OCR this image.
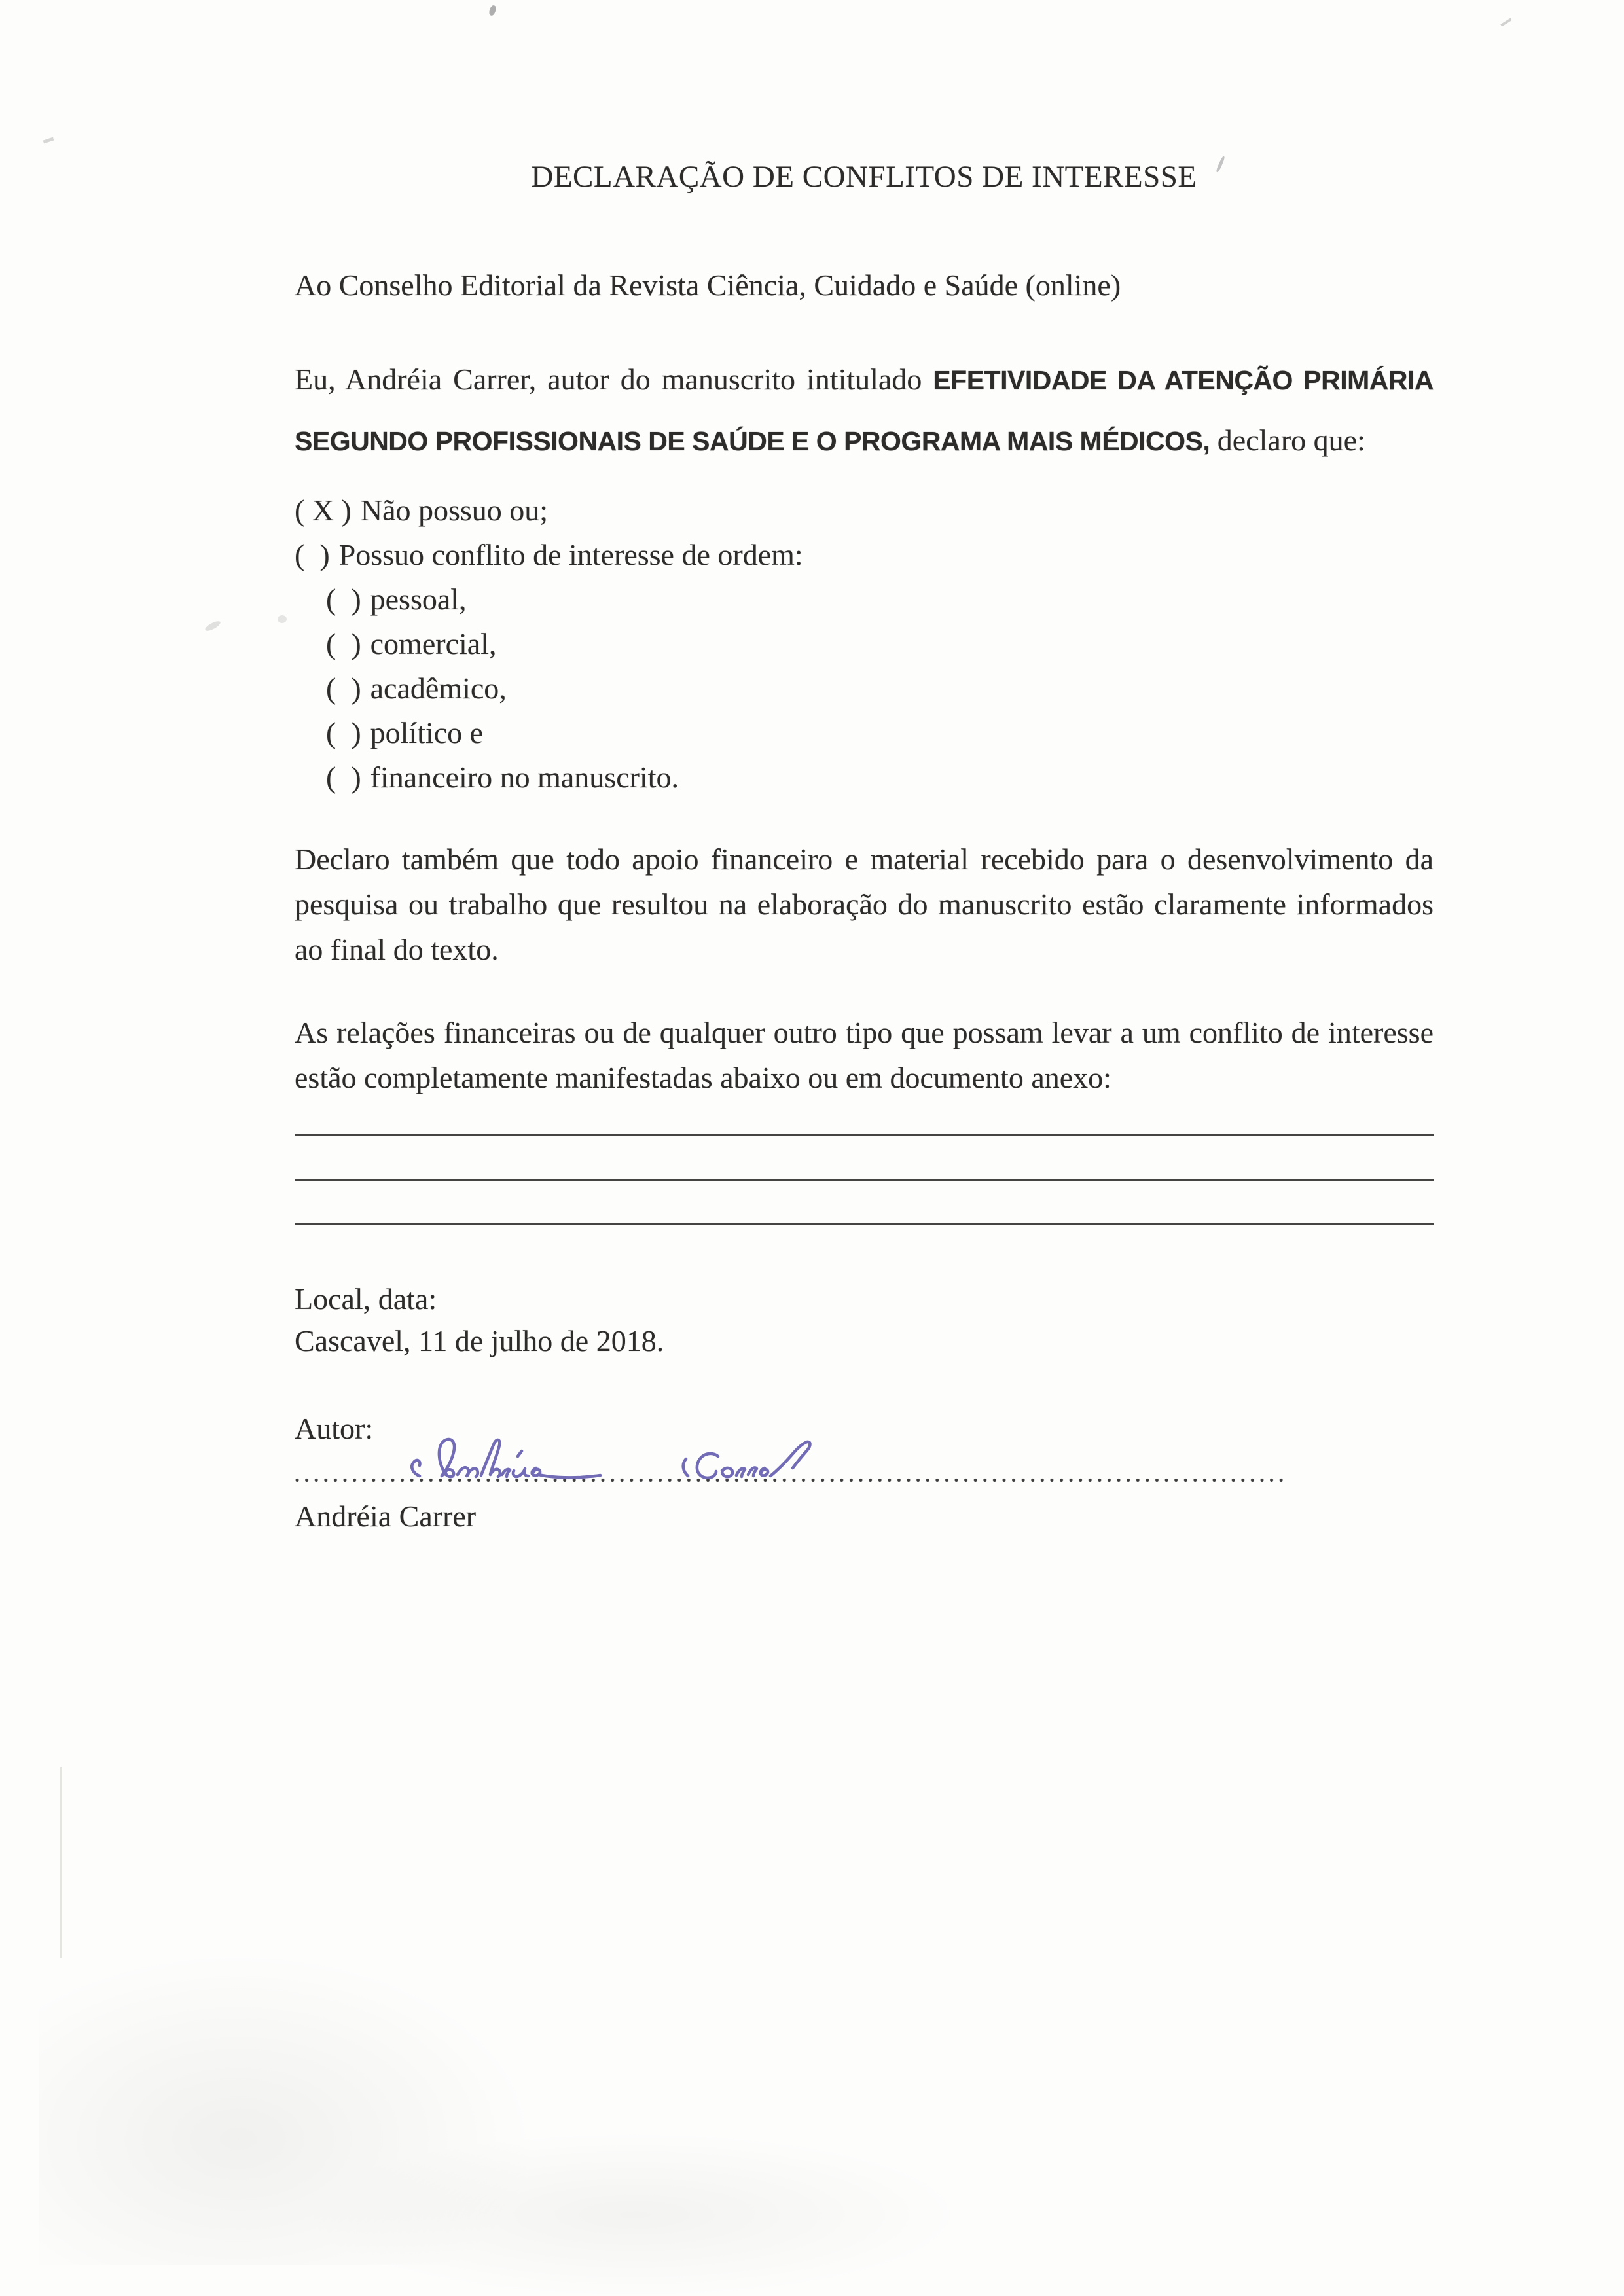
DECLARAÇÃO DE CONFLITOS DE INTERESSE

Ao Conselho Editorial da Revista Ciência, Cuidado e Saúde (online)

Eu, Andréia Carrer, autor do manuscrito intitulado EFETIVIDADE DA ATENÇÃO PRIMÁRIA SEGUNDO PROFISSIONAIS DE SAÚDE E O PROGRAMA MAIS MÉDICOS, declaro que:

( X ) Não possuo ou;

(  ) Possuo conflito de interesse de ordem:

(  ) pessoal,

(  ) comercial,

(  ) acadêmico,

(  ) político e

(  ) financeiro no manuscrito.

Declaro também que todo apoio financeiro e material recebido para o desenvolvimento da pesquisa ou trabalho que resultou na elaboração do manuscrito estão claramente informados ao final do texto.

As relações financeiras ou de qualquer outro tipo que possam levar a um conflito de interesse estão completamente manifestadas abaixo ou em documento anexo:

Local, data:

Cascavel, 11 de julho de 2018.

Autor:

Andréia Carrer
